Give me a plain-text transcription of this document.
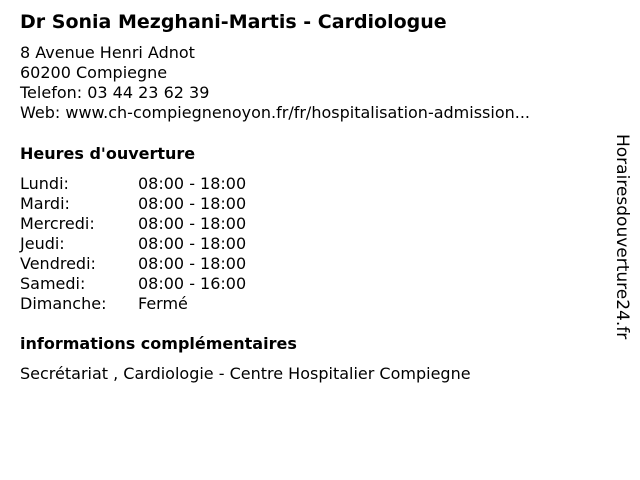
Dr Sonia Mezghani-Martis - Cardiologue
8 Avenue Henri Adnot
60200 Compiegne
Telefon: 03 44 23 62 39
Web: www.ch-compiegnenoyon.fr/fr/hospitalisation-admission...
Heures d'ouverture
Lundi:	08:00 - 18:00
Mardi:	08:00 - 18:00
Mercredi:	08:00 - 18:00
Jeudi:	08:00 - 18:00
Vendredi:	08:00 - 18:00
Samedi:	08:00 - 16:00
Dimanche:	Fermé
informations complémentaires
Secrétariat , Cardiologie - Centre Hospitalier Compiegne
Horairesdouverture24.fr
